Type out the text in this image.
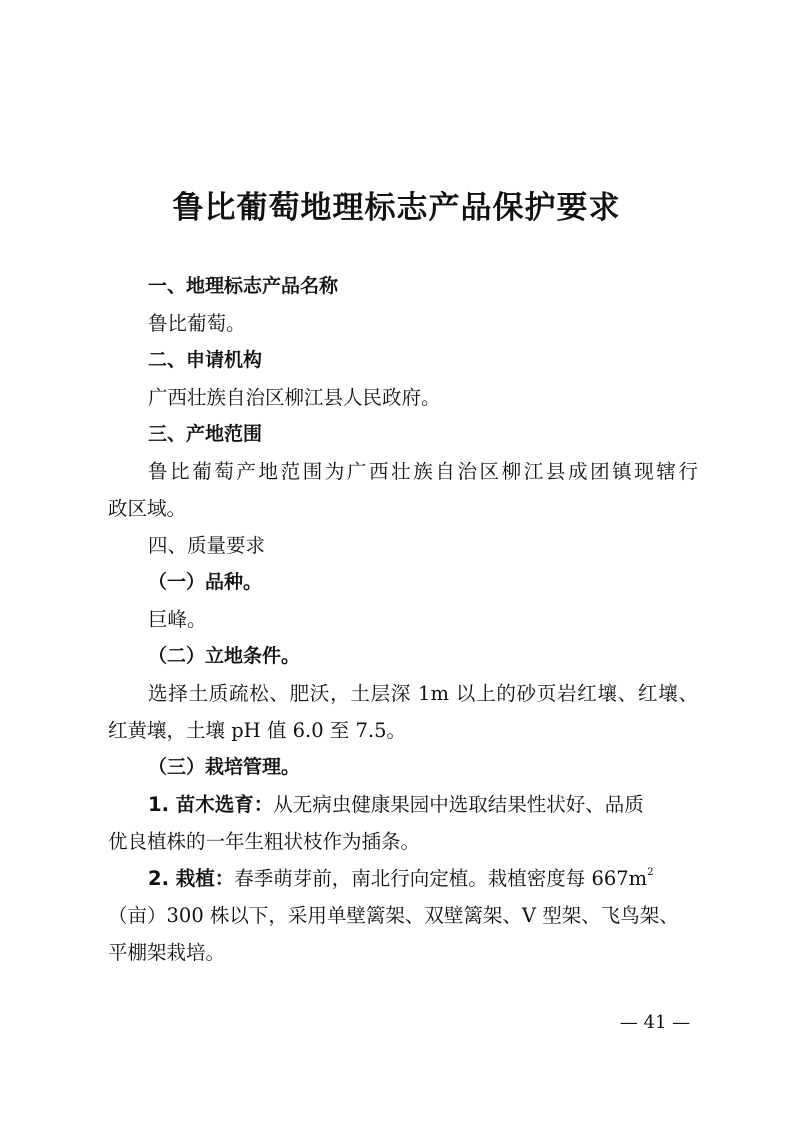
鲁比葡萄地理标志产品保护要求
一、地理标志产品名称
鲁比葡萄。
二、申请机构
广西壮族自治区柳江县人民政府。
三、产地范围
鲁比葡萄产地范围为广西壮族自治区柳江县成团镇现辖行
政区域。
四、质量要求
（一）品种。
巨峰。
（二）立地条件。
选择土质疏松、肥沃，土层深 1m 以上的砂页岩红壤、红壤、
红黄壤，土壤 pH 值 6.0 至 7.5。
（三）栽培管理。
1. 苗木选育：从无病虫健康果园中选取结果性状好、品质
优良植株的一年生粗状枝作为插条。
2. 栽植：春季萌芽前，南北行向定植。栽植密度每 $667m^2$
（亩）300 株以下，采用单壁篱架、双壁篱架、V 型架、飞鸟架、
平棚架栽培。
— 41 —
